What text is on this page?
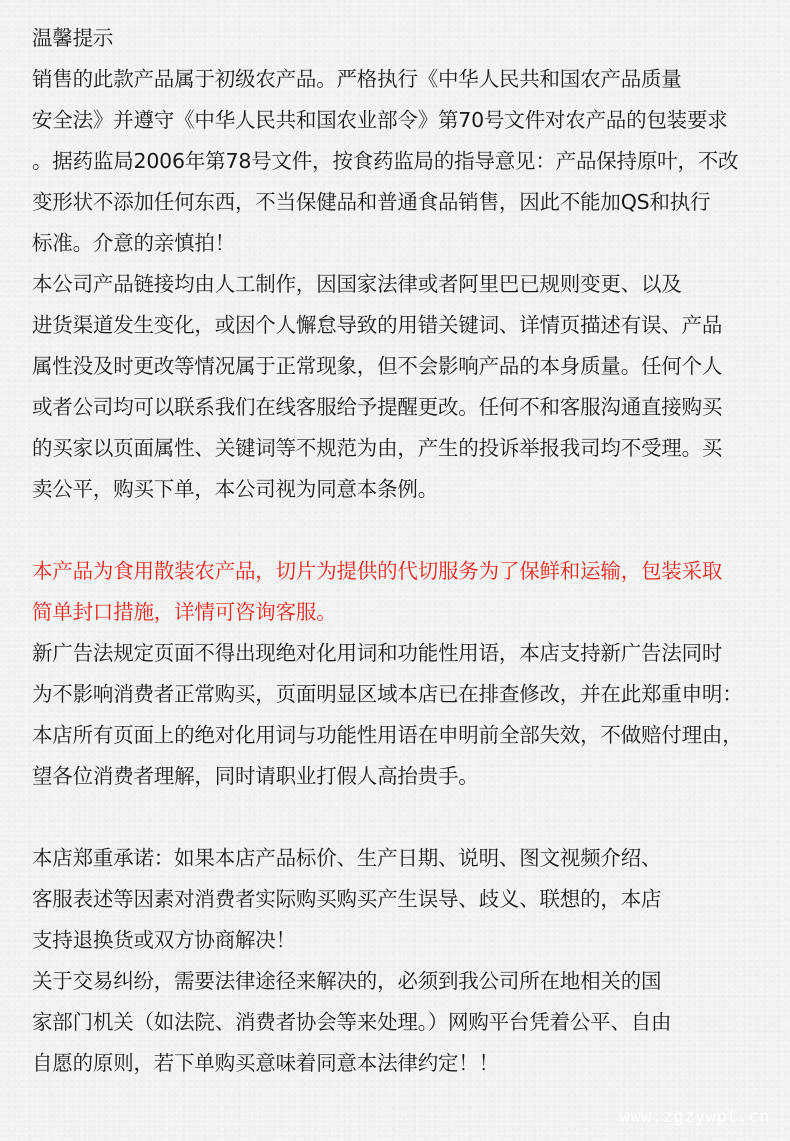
温馨提示
销售的此款产品属于初级农产品。严格执行《中华人民共和国农产品质量
安全法》并遵守《中华人民共和国农业部令》第70号文件对农产品的包装要求
。据药监局2006年第78号文件，按食药监局的指导意见：产品保持原叶，不改
变形状不添加任何东西，不当保健品和普通食品销售，因此不能加QS和执行
标准。介意的亲慎拍！
本公司产品链接均由人工制作，因国家法律或者阿里巴已规则变更、以及
进货渠道发生变化，或因个人懈怠导致的用错关键词、详情页描述有误、产品
属性没及时更改等情况属于正常现象，但不会影响产品的本身质量。任何个人
或者公司均可以联系我们在线客服给予提醒更改。任何不和客服沟通直接购买
的买家以页面属性、关键词等不规范为由，产生的投诉举报我司均不受理。买
卖公平，购买下单，本公司视为同意本条例。
本产品为食用散装农产品，切片为提供的代切服务为了保鲜和运输，包装采取
简单封口措施，详情可咨询客服。
新广告法规定页面不得出现绝对化用词和功能性用语，本店支持新广告法同时
为不影响消费者正常购买，页面明显区域本店已在排查修改，并在此郑重申明：
本店所有页面上的绝对化用词与功能性用语在申明前全部失效，不做赔付理由，
望各位消费者理解，同时请职业打假人高抬贵手。
本店郑重承诺：如果本店产品标价、生产日期、说明、图文视频介绍、
客服表述等因素对消费者实际购买购买产生误导、歧义、联想的，本店
支持退换货或双方协商解决！
关于交易纠纷，需要法律途径来解决的，必须到我公司所在地相关的国
家部门机关（如法院、消费者协会等来处理。）网购平台凭着公平、自由
自愿的原则，若下单购买意味着同意本法律约定！！
www.zgzywpt.cn
